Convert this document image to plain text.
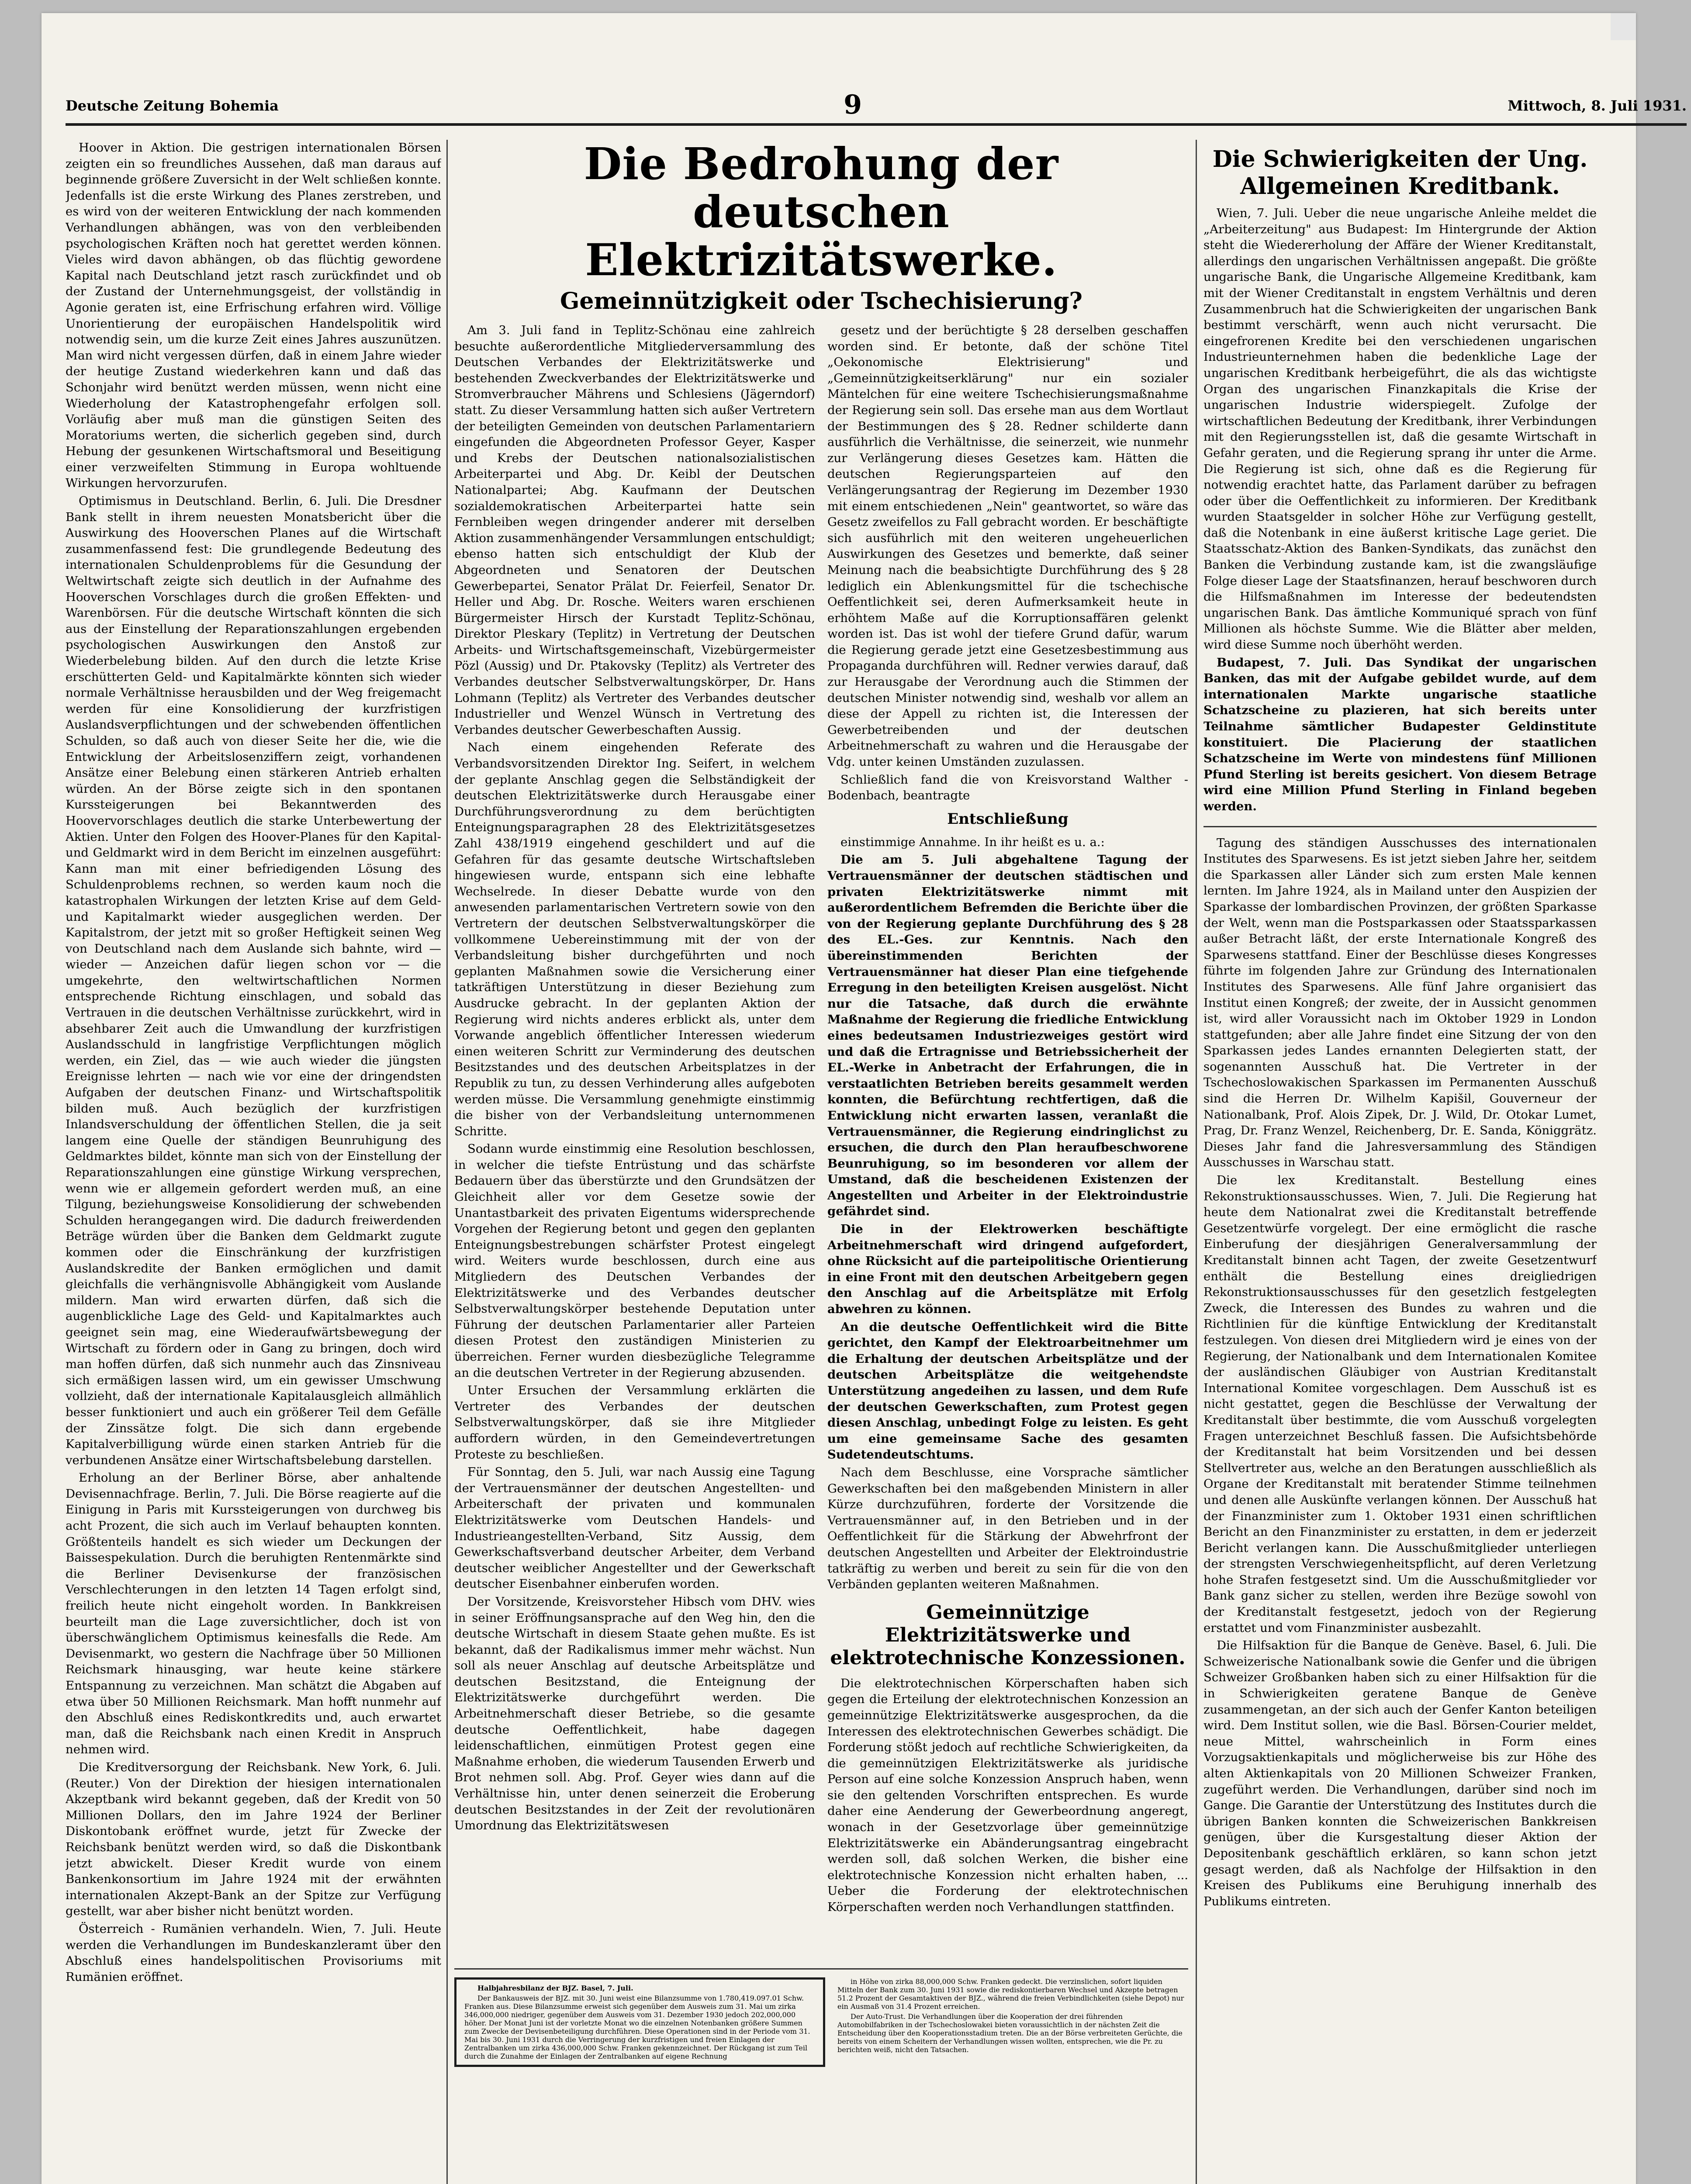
Deutsche Zeitung Bohemia	9	Mittwoch, 8. Juli 1931.

Hoover in Aktion. Die gestrigen internationalen Börsen zeigten ein so freundliches Aussehen, daß man daraus auf beginnende größere Zuversicht in der Welt schließen konnte. Jedenfalls ist die erste Wirkung des Planes zerstreben, und es wird von der weiteren Entwicklung der nach kommenden Verhandlungen abhängen, was von den verbleibenden psychologischen Kräften noch hat gerettet werden können. Vieles wird davon abhängen, ob das flüchtig gewordene Kapital nach Deutschland jetzt rasch zurückfindet und ob der Zustand der Unternehmungsgeist, der vollständig in Agonie geraten ist, eine Erfrischung erfahren wird. Völlige Unorientierung der europäischen Handelspolitik wird notwendig sein, um die kurze Zeit eines Jahres auszunützen. Man wird nicht vergessen dürfen, daß in einem Jahre wieder der heutige Zustand wiederkehren kann und daß das Schonjahr wird benützt werden müssen, wenn nicht eine Wiederholung der Katastrophengefahr erfolgen soll. Vorläufig aber muß man die günstigen Seiten des Moratoriums werten, die sicherlich gegeben sind, durch Hebung der gesunkenen Wirtschaftsmoral und Beseitigung einer verzweifelten Stimmung in Europa wohltuende Wirkungen hervorzurufen.

Optimismus in Deutschland. Berlin, 6. Juli. Die Dresdner Bank stellt in ihrem neuesten Monatsbericht über die Auswirkung des Hooverschen Planes auf die Wirtschaft zusammenfassend fest: Die grundlegende Bedeutung des internationalen Schuldenproblems für die Gesundung der Weltwirtschaft zeigte sich deutlich in der Aufnahme des Hooverschen Vorschlages durch die großen Effekten- und Warenbörsen. Für die deutsche Wirtschaft könnten die sich aus der Einstellung der Reparationszahlungen ergebenden psychologischen Auswirkungen den Anstoß zur Wiederbelebung bilden. Auf den durch die letzte Krise erschütterten Geld- und Kapitalmärkte könnten sich wieder normale Verhältnisse herausbilden und der Weg freigemacht werden für eine Konsolidierung der kurzfristigen Auslandsverpflichtungen und der schwebenden öffentlichen Schulden, so daß auch von dieser Seite her die, wie die Entwicklung der Arbeitslosenziffern zeigt, vorhandenen Ansätze einer Belebung einen stärkeren Antrieb erhalten würden. An der Börse zeigte sich in den spontanen Kurssteigerungen bei Bekanntwerden des Hoovervorschlages deutlich die starke Unterbewertung der Aktien. Unter den Folgen des Hoover-Planes für den Kapital- und Geldmarkt wird in dem Bericht im einzelnen ausgeführt: Kann man mit einer befriedigenden Lösung des Schuldenproblems rechnen, so werden kaum noch die katastrophalen Wirkungen der letzten Krise auf dem Geld- und Kapitalmarkt wieder ausgeglichen werden. Der Kapitalstrom, der jetzt mit so großer Heftigkeit seinen Weg von Deutschland nach dem Auslande sich bahnte, wird — wieder — Anzeichen dafür liegen schon vor — die umgekehrte, den weltwirtschaftlichen Normen entsprechende Richtung einschlagen, und sobald das Vertrauen in die deutschen Verhältnisse zurückkehrt, wird in absehbarer Zeit auch die Umwandlung der kurzfristigen Auslandsschuld in langfristige Verpflichtungen möglich werden, ein Ziel, das — wie auch wieder die jüngsten Ereignisse lehrten — nach wie vor eine der dringendsten Aufgaben der deutschen Finanz- und Wirtschaftspolitik bilden muß. Auch bezüglich der kurzfristigen Inlandsverschuldung der öffentlichen Stellen, die ja seit langem eine Quelle der ständigen Beunruhigung des Geldmarktes bildet, könnte man sich von der Einstellung der Reparationszahlungen eine günstige Wirkung versprechen, wenn wie er allgemein gefordert werden muß, an eine Tilgung, beziehungsweise Konsolidierung der schwebenden Schulden herangegangen wird. Die dadurch freiwerdenden Beträge würden über die Banken dem Geldmarkt zugute kommen oder die Einschränkung der kurzfristigen Auslandskredite der Banken ermöglichen und damit gleichfalls die verhängnisvolle Abhängigkeit vom Auslande mildern. Man wird erwarten dürfen, daß sich die augenblickliche Lage des Geld- und Kapitalmarktes auch geeignet sein mag, eine Wiederaufwärtsbewegung der Wirtschaft zu fördern oder in Gang zu bringen, doch wird man hoffen dürfen, daß sich nunmehr auch das Zinsniveau sich ermäßigen lassen wird, um ein gewisser Umschwung vollzieht, daß der internationale Kapitalausgleich allmählich besser funktioniert und auch ein größerer Teil dem Gefälle der Zinssätze folgt. Die sich dann ergebende Kapitalverbilligung würde einen starken Antrieb für die verbundenen Ansätze einer Wirtschaftsbelebung darstellen.

Erholung an der Berliner Börse, aber anhaltende Devisennachfrage. Berlin, 7. Juli. Die Börse reagierte auf die Einigung in Paris mit Kurssteigerungen von durchweg bis acht Prozent, die sich auch im Verlauf behaupten konnten. Größtenteils handelt es sich wieder um Deckungen der Baissespekulation. Durch die beruhigten Rentenmärkte sind die Berliner Devisenkurse der französischen Verschlechterungen in den letzten 14 Tagen erfolgt sind, freilich heute nicht eingeholt worden. In Bankkreisen beurteilt man die Lage zuversichtlicher, doch ist von überschwänglichem Optimismus keinesfalls die Rede. Am Devisenmarkt, wo gestern die Nachfrage über 50 Millionen Reichsmark hinausging, war heute keine stärkere Entspannung zu verzeichnen. Man schätzt die Abgaben auf etwa über 50 Millionen Reichsmark. Man hofft nunmehr auf den Abschluß eines Rediskontkredits und, auch erwartet man, daß die Reichsbank nach einen Kredit in Anspruch nehmen wird.

Die Kreditversorgung der Reichsbank. New York, 6. Juli. (Reuter.) Von der Direktion der hiesigen internationalen Akzeptbank wird bekannt gegeben, daß der Kredit von 50 Millionen Dollars, den im Jahre 1924 der Berliner Diskontobank eröffnet wurde, jetzt für Zwecke der Reichsbank benützt werden wird, so daß die Diskontbank jetzt abwickelt. Dieser Kredit wurde von einem Bankenkonsortium im Jahre 1924 mit der erwähnten internationalen Akzept-Bank an der Spitze zur Verfügung gestellt, war aber bisher nicht benützt worden.

Österreich - Rumänien verhandeln. Wien, 7. Juli. Heute werden die Verhandlungen im Bundeskanzleramt über den Abschluß eines handelspolitischen Provisoriums mit Rumänien eröffnet.

Die Bedrohung der deutschen Elektrizitätswerke.
Gemeinnützigkeit oder Tschechisierung?

Am 3. Juli fand in Teplitz-Schönau eine zahlreich besuchte außerordentliche Mitgliederversammlung des Deutschen Verbandes der Elektrizitätswerke und bestehenden Zweckverbandes der Elektrizitätswerke und Stromverbraucher Mährens und Schlesiens (Jägerndorf) statt. Zu dieser Versammlung hatten sich außer Vertretern der beteiligten Gemeinden von deutschen Parlamentariern eingefunden die Abgeordneten Professor Geyer, Kasper und Krebs der Deutschen nationalsozialistischen Arbeiterpartei und Abg. Dr. Keibl der Deutschen Nationalpartei; Abg. Kaufmann der Deutschen sozialdemokratischen Arbeiterpartei hatte sein Fernbleiben wegen dringender anderer mit derselben Aktion zusammenhängender Versammlungen entschuldigt; ebenso hatten sich entschuldigt der Klub der Abgeordneten und Senatoren der Deutschen Gewerbepartei, Senator Prälat Dr. Feierfeil, Senator Dr. Heller und Abg. Dr. Rosche. Weiters waren erschienen Bürgermeister Hirsch der Kurstadt Teplitz-Schönau, Direktor Pleskary (Teplitz) in Vertretung der Deutschen Arbeits- und Wirtschaftsgemeinschaft, Vizebürgermeister Pözl (Aussig) und Dr. Ptakovsky (Teplitz) als Vertreter des Verbandes deutscher Selbstverwaltungskörper, Dr. Hans Lohmann (Teplitz) als Vertreter des Verbandes deutscher Industrieller und Wenzel Wünsch in Vertretung des Verbandes deutscher Gewerbeschaften Aussig.

Nach einem eingehenden Referate des Verbandsvorsitzenden Direktor Ing. Seifert, in welchem der geplante Anschlag gegen die Selbständigkeit der deutschen Elektrizitätswerke durch Herausgabe einer Durchführungsverordnung zu dem berüchtigten Enteignungsparagraphen 28 des Elektrizitätsgesetzes Zahl 438/1919 eingehend geschildert und auf die Gefahren für das gesamte deutsche Wirtschaftsleben hingewiesen wurde, entspann sich eine lebhafte Wechselrede. In dieser Debatte wurde von den anwesenden parlamentarischen Vertretern sowie von den Vertretern der deutschen Selbstverwaltungskörper die vollkommene Uebereinstimmung mit der von der Verbandsleitung bisher durchgeführten und noch geplanten Maßnahmen sowie die Versicherung einer tatkräftigen Unterstützung in dieser Beziehung zum Ausdrucke gebracht. In der geplanten Aktion der Regierung wird nichts anderes erblickt als, unter dem Vorwande angeblich öffentlicher Interessen wiederum einen weiteren Schritt zur Verminderung des deutschen Besitzstandes und des deutschen Arbeitsplatzes in der Republik zu tun, zu dessen Verhinderung alles aufgeboten werden müsse. Die Versammlung genehmigte einstimmig die bisher von der Verbandsleitung unternommenen Schritte.

Sodann wurde einstimmig eine Resolution beschlossen, in welcher die tiefste Entrüstung und das schärfste Bedauern über das überstürzte und den Grundsätzen der Gleichheit aller vor dem Gesetze sowie der Unantastbarkeit des privaten Eigentums widersprechende Vorgehen der Regierung betont und gegen den geplanten Enteignungsbestrebungen schärfster Protest eingelegt wird. Weiters wurde beschlossen, durch eine aus Mitgliedern des Deutschen Verbandes der Elektrizitätswerke und des Verbandes deutscher Selbstverwaltungskörper bestehende Deputation unter Führung der deutschen Parlamentarier aller Parteien diesen Protest den zuständigen Ministerien zu überreichen. Ferner wurden diesbezügliche Telegramme an die deutschen Vertreter in der Regierung abzusenden.

Unter Ersuchen der Versammlung erklärten die Vertreter des Verbandes der deutschen Selbstverwaltungskörper, daß sie ihre Mitglieder auffordern würden, in den Gemeindevertretungen Proteste zu beschließen.

Für Sonntag, den 5. Juli, war nach Aussig eine Tagung der Vertrauensmänner der deutschen Angestellten- und Arbeiterschaft der privaten und kommunalen Elektrizitätswerke vom Deutschen Handels- und Industrieangestellten-Verband, Sitz Aussig, dem Gewerkschaftsverband deutscher Arbeiter, dem Verband deutscher weiblicher Angestellter und der Gewerkschaft deutscher Eisenbahner einberufen worden.

Der Vorsitzende, Kreisvorsteher Hibsch vom DHV. wies in seiner Eröffnungsansprache auf den Weg hin, den die deutsche Wirtschaft in diesem Staate gehen mußte. Es ist bekannt, daß der Radikalismus immer mehr wächst. Nun soll als neuer Anschlag auf deutsche Arbeitsplätze und deutschen Besitzstand, die Enteignung der Elektrizitätswerke durchgeführt werden. Die Arbeitnehmerschaft dieser Betriebe, so die gesamte deutsche Oeffentlichkeit, habe dagegen leidenschaftlichen, einmütigen Protest gegen eine Maßnahme erhoben, die wiederum Tausenden Erwerb und Brot nehmen soll. Abg. Prof. Geyer wies dann auf die Verhältnisse hin, unter denen seinerzeit die Eroberung deutschen Besitzstandes in der Zeit der revolutionären Umordnung das Elektrizitätswesen

gesetz und der berüchtigte § 28 derselben geschaffen worden sind. Er betonte, daß der schöne Titel „Oekonomische Elektrisierung" und „Gemeinnützigkeitserklärung" nur ein sozialer Mäntelchen für eine weitere Tschechisierungsmaßnahme der Regierung sein soll. Das ersehe man aus dem Wortlaut der Bestimmungen des § 28. Redner schilderte dann ausführlich die Verhältnisse, die seinerzeit, wie nunmehr zur Verlängerung dieses Gesetzes kam. Hätten die deutschen Regierungsparteien auf den Verlängerungsantrag der Regierung im Dezember 1930 mit einem entschiedenen „Nein" geantwortet, so wäre das Gesetz zweifellos zu Fall gebracht worden. Er beschäftigte sich ausführlich mit den weiteren ungeheuerlichen Auswirkungen des Gesetzes und bemerkte, daß seiner Meinung nach die beabsichtigte Durchführung des § 28 lediglich ein Ablenkungsmittel für die tschechische Oeffentlichkeit sei, deren Aufmerksamkeit heute in erhöhtem Maße auf die Korruptionsaffären gelenkt worden ist. Das ist wohl der tiefere Grund dafür, warum die Regierung gerade jetzt eine Gesetzesbestimmung aus Propaganda durchführen will. Redner verwies darauf, daß zur Herausgabe der Verordnung auch die Stimmen der deutschen Minister notwendig sind, weshalb vor allem an diese der Appell zu richten ist, die Interessen der Gewerbetreibenden und der deutschen Arbeitnehmerschaft zu wahren und die Herausgabe der Vdg. unter keinen Umständen zuzulassen.

Schließlich fand die von Kreisvorstand Walther - Bodenbach, beantragte

Entschließung

einstimmige Annahme. In ihr heißt es u. a.:

Die am 5. Juli abgehaltene Tagung der Vertrauensmänner der deutschen städtischen und privaten Elektrizitätswerke nimmt mit außerordentlichem Befremden die Berichte über die von der Regierung geplante Durchführung des § 28 des EL.-Ges. zur Kenntnis. Nach den übereinstimmenden Berichten der Vertrauensmänner hat dieser Plan eine tiefgehende Erregung in den beteiligten Kreisen ausgelöst. Nicht nur die Tatsache, daß durch die erwähnte Maßnahme der Regierung die friedliche Entwicklung eines bedeutsamen Industriezweiges gestört wird und daß die Ertragnisse und Betriebssicherheit der EL.-Werke in Anbetracht der Erfahrungen, die in verstaatlichten Betrieben bereits gesammelt werden konnten, die Befürchtung rechtfertigen, daß die Entwicklung nicht erwarten lassen, veranlaßt die Vertrauensmänner, die Regierung eindringlichst zu ersuchen, die durch den Plan heraufbeschworene Beunruhigung, so im besonderen vor allem der Umstand, daß die bescheidenen Existenzen der Angestellten und Arbeiter in der Elektroindustrie gefährdet sind.

Die in der Elektrowerken beschäftigte Arbeitnehmerschaft wird dringend aufgefordert, ohne Rücksicht auf die parteipolitische Orientierung in eine Front mit den deutschen Arbeitgebern gegen den Anschlag auf die Arbeitsplätze mit Erfolg abwehren zu können.

An die deutsche Oeffentlichkeit wird die Bitte gerichtet, den Kampf der Elektroarbeitnehmer um die Erhaltung der deutschen Arbeitsplätze und der deutschen Arbeitsplätze die weitgehendste Unterstützung angedeihen zu lassen, und dem Rufe der deutschen Gewerkschaften, zum Protest gegen diesen Anschlag, unbedingt Folge zu leisten. Es geht um eine gemeinsame Sache des gesamten Sudetendeutschtums.

Nach dem Beschlusse, eine Vorsprache sämtlicher Gewerkschaften bei den maßgebenden Ministern in aller Kürze durchzuführen, forderte der Vorsitzende die Vertrauensmänner auf, in den Betrieben und in der Oeffentlichkeit für die Stärkung der Abwehrfront der deutschen Angestellten und Arbeiter der Elektroindustrie tatkräftig zu werben und bereit zu sein für die von den Verbänden geplanten weiteren Maßnahmen.

Gemeinnützige Elektrizitätswerke und elektrotechnische Konzessionen.

Die elektrotechnischen Körperschaften haben sich gegen die Erteilung der elektrotechnischen Konzession an gemeinnützige Elektrizitätswerke ausgesprochen, da die Interessen des elektrotechnischen Gewerbes schädigt. Die Forderung stößt jedoch auf rechtliche Schwierigkeiten, da die gemeinnützigen Elektrizitätswerke als juridische Person auf eine solche Konzession Anspruch haben, wenn sie den geltenden Vorschriften entsprechen. Es wurde daher eine Aenderung der Gewerbeordnung angeregt, wonach in der Gesetzvorlage über gemeinnützige Elektrizitätswerke ein Abänderungsantrag eingebracht werden soll, daß solchen Werken, die bisher eine elektrotechnische Konzession nicht erhalten haben, ... Ueber die Forderung der elektrotechnischen Körperschaften werden noch Verhandlungen stattfinden.

Halbjahresbilanz der BJZ. Basel, 7. Juli.

Der Bankausweis der BJZ. mit 30. Juni weist eine Bilanzsumme von 1.780,419.097.01 Schw. Franken aus. Diese Bilanzsumme erweist sich gegenüber dem Ausweis zum 31. Mai um zirka 346,000,000 niedriger, gegenüber dem Ausweis vom 31. Dezember 1930 jedoch 202,000,000 höher. Der Monat Juni ist der vorletzte Monat wo die einzelnen Notenbanken größere Summen zum Zwecke der Devisenbeteiligung durchführen. Diese Operationen sind in der Periode vom 31. Mai bis 30. Juni 1931 durch die Verringerung der kurzfristigen und freien Einlagen der Zentralbanken um zirka 436,000,000 Schw. Franken gekennzeichnet. Der Rückgang ist zum Teil durch die Zunahme der Einlagen der Zentralbanken auf eigene Rechnung

in Höhe von zirka 88,000,000 Schw. Franken gedeckt. Die verzinslichen, sofort liquiden Mitteln der Bank zum 30. Juni 1931 sowie die rediskontierbaren Wechsel und Akzepte betragen 51.2 Prozent der Gesamtaktiven der BJZ., während die freien Verbindlichkeiten (siehe Depot) nur ein Ausmaß von 31.4 Prozent erreichen.

Der Auto-Trust. Die Verhandlungen über die Kooperation der drei führenden Automobilfabriken in der Tschechoslowakei bieten voraussichtlich in der nächsten Zeit die Entscheidung über den Kooperationsstadium treten. Die an der Börse verbreiteten Gerüchte, die bereits von einem Scheitern der Verhandlungen wissen wollten, entsprechen, wie die Pr. zu berichten weiß, nicht den Tatsachen.

Die Schwierigkeiten der Ung. Allgemeinen Kreditbank.

Wien, 7. Juli. Ueber die neue ungarische Anleihe meldet die „Arbeiterzeitung" aus Budapest: Im Hintergrunde der Aktion steht die Wiedererholung der Affäre der Wiener Kreditanstalt, allerdings den ungarischen Verhältnissen angepaßt. Die größte ungarische Bank, die Ungarische Allgemeine Kreditbank, kam mit der Wiener Creditanstalt in engstem Verhältnis und deren Zusammenbruch hat die Schwierigkeiten der ungarischen Bank bestimmt verschärft, wenn auch nicht verursacht. Die eingefrorenen Kredite bei den verschiedenen ungarischen Industrieunternehmen haben die bedenkliche Lage der ungarischen Kreditbank herbeigeführt, die als das wichtigste Organ des ungarischen Finanzkapitals die Krise der ungarischen Industrie widerspiegelt. Zufolge der wirtschaftlichen Bedeutung der Kreditbank, ihrer Verbindungen mit den Regierungsstellen ist, daß die gesamte Wirtschaft in Gefahr geraten, und die Regierung sprang ihr unter die Arme. Die Regierung ist sich, ohne daß es die Regierung für notwendig erachtet hatte, das Parlament darüber zu befragen oder über die Oeffentlichkeit zu informieren. Der Kreditbank wurden Staatsgelder in solcher Höhe zur Verfügung gestellt, daß die Notenbank in eine äußerst kritische Lage geriet. Die Staatsschatz-Aktion des Banken-Syndikats, das zunächst den Banken die Verbindung zustande kam, ist die zwangsläufige Folge dieser Lage der Staatsfinanzen, herauf beschworen durch die Hilfsmaßnahmen im Interesse der bedeutendsten ungarischen Bank. Das ämtliche Kommuniqué sprach von fünf Millionen als höchste Summe. Wie die Blätter aber melden, wird diese Summe noch überhöht werden.

Budapest, 7. Juli. Das Syndikat der ungarischen Banken, das mit der Aufgabe gebildet wurde, auf dem internationalen Markte ungarische staatliche Schatzscheine zu plazieren, hat sich bereits unter Teilnahme sämtlicher Budapester Geldinstitute konstituiert. Die Placierung der staatlichen Schatzscheine im Werte von mindestens fünf Millionen Pfund Sterling ist bereits gesichert. Von diesem Betrage wird eine Million Pfund Sterling in Finland begeben werden.

Tagung des ständigen Ausschusses des internationalen Institutes des Sparwesens. Es ist jetzt sieben Jahre her, seitdem die Sparkassen aller Länder sich zum ersten Male kennen lernten. Im Jahre 1924, als in Mailand unter den Auspizien der Sparkasse der lombardischen Provinzen, der größten Sparkasse der Welt, wenn man die Postsparkassen oder Staatssparkassen außer Betracht läßt, der erste Internationale Kongreß des Sparwesens stattfand. Einer der Beschlüsse dieses Kongresses führte im folgenden Jahre zur Gründung des Internationalen Institutes des Sparwesens. Alle fünf Jahre organisiert das Institut einen Kongreß; der zweite, der in Aussicht genommen ist, wird aller Voraussicht nach im Oktober 1929 in London stattgefunden; aber alle Jahre findet eine Sitzung der von den Sparkassen jedes Landes ernannten Delegierten statt, der sogenannten Ausschuß hat. Die Vertreter in der Tschechoslowakischen Sparkassen im Permanenten Ausschuß sind die Herren Dr. Wilhelm Kapišil, Gouverneur der Nationalbank, Prof. Alois Zipek, Dr. J. Wild, Dr. Otokar Lumet, Prag, Dr. Franz Wenzel, Reichenberg, Dr. E. Sanda, Königgrätz. Dieses Jahr fand die Jahresversammlung des Ständigen Ausschusses in Warschau statt.

Die lex Kreditanstalt. Bestellung eines Rekonstruktionsausschusses. Wien, 7. Juli. Die Regierung hat heute dem Nationalrat zwei die Kreditanstalt betreffende Gesetzentwürfe vorgelegt. Der eine ermöglicht die rasche Einberufung der diesjährigen Generalversammlung der Kreditanstalt binnen acht Tagen, der zweite Gesetzentwurf enthält die Bestellung eines dreigliedrigen Rekonstruktionsausschusses für den gesetzlich festgelegten Zweck, die Interessen des Bundes zu wahren und die Richtlinien für die künftige Entwicklung der Kreditanstalt festzulegen. Von diesen drei Mitgliedern wird je eines von der Regierung, der Nationalbank und dem Internationalen Komitee der ausländischen Gläubiger von Austrian Kreditanstalt International Komitee vorgeschlagen. Dem Ausschuß ist es nicht gestattet, gegen die Beschlüsse der Verwaltung der Kreditanstalt über bestimmte, die vom Ausschuß vorgelegten Fragen unterzeichnet Beschluß fassen. Die Aufsichtsbehörde der Kreditanstalt hat beim Vorsitzenden und bei dessen Stellvertreter aus, welche an den Beratungen ausschließlich als Organe der Kreditanstalt mit beratender Stimme teilnehmen und denen alle Auskünfte verlangen können. Der Ausschuß hat der Finanzminister zum 1. Oktober 1931 einen schriftlichen Bericht an den Finanzminister zu erstatten, in dem er jederzeit Bericht verlangen kann. Die Ausschußmitglieder unterliegen der strengsten Verschwiegenheitspflicht, auf deren Verletzung hohe Strafen festgesetzt sind. Um die Ausschußmitglieder vor Bank ganz sicher zu stellen, werden ihre Bezüge sowohl von der Kreditanstalt festgesetzt, jedoch von der Regierung erstattet und vom Finanzminister ausbezahlt.

Die Hilfsaktion für die Banque de Genève. Basel, 6. Juli. Die Schweizerische Nationalbank sowie die Genfer und die übrigen Schweizer Großbanken haben sich zu einer Hilfsaktion für die in Schwierigkeiten geratene Banque de Genève zusammengetan, an der sich auch der Genfer Kanton beteiligen wird. Dem Institut sollen, wie die Basl. Börsen-Courier meldet, neue Mittel, wahrscheinlich in Form eines Vorzugsaktienkapitals und möglicherweise bis zur Höhe des alten Aktienkapitals von 20 Millionen Schweizer Franken, zugeführt werden. Die Verhandlungen, darüber sind noch im Gange. Die Garantie der Unterstützung des Institutes durch die übrigen Banken konnten die Schweizerischen Bankkreisen genügen, über die Kursgestaltung dieser Aktion der Depositenbank geschäftlich erklären, so kann schon jetzt gesagt werden, daß als Nachfolge der Hilfsaktion in den Kreisen des Publikums eine Beruhigung innerhalb des Publikums eintreten.
